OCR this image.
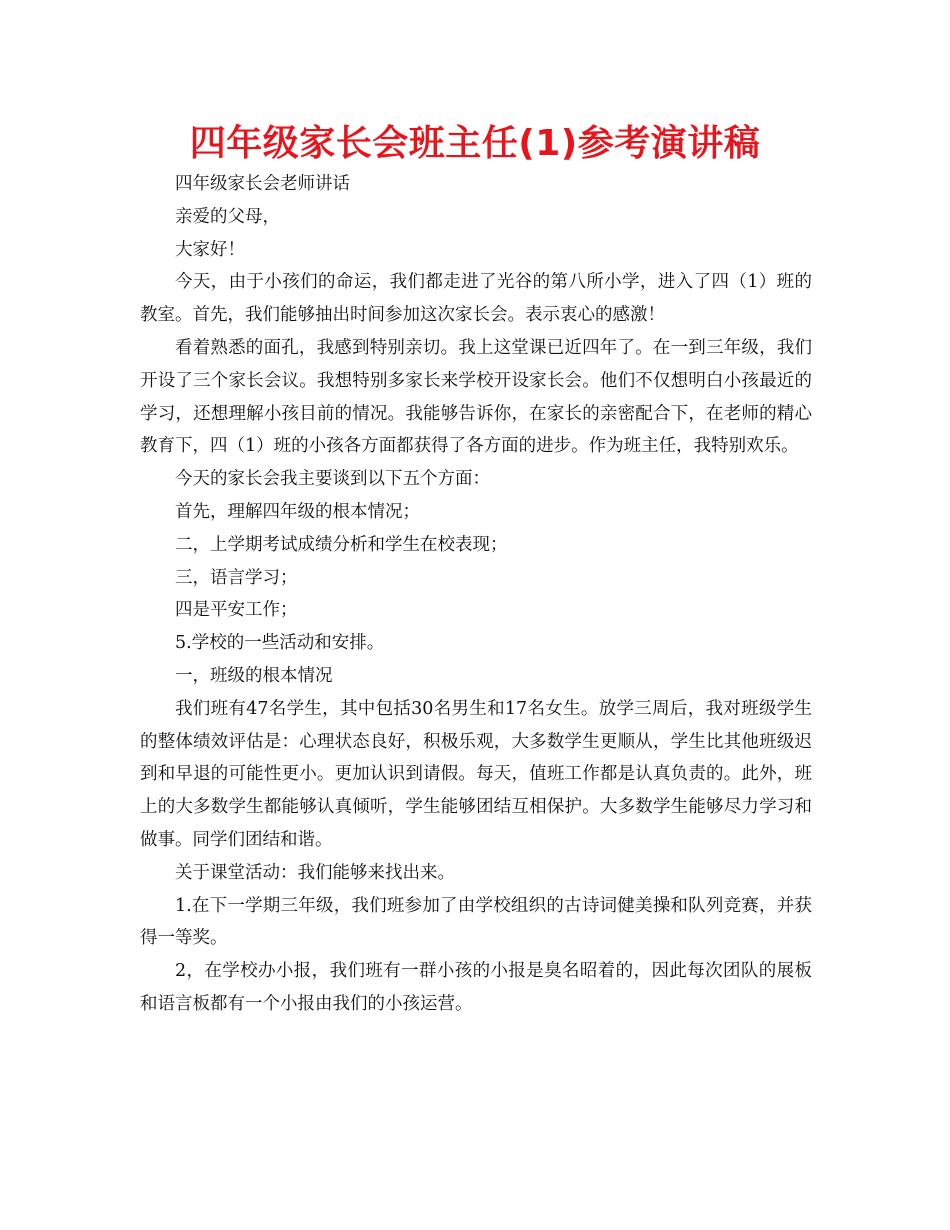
四年级家长会班主任(1)参考演讲稿

四年级家长会老师讲话

亲爱的父母，

大家好！

今天，由于小孩们的命运，我们都走进了光谷的第八所小学，进入了四（1）班的教室。首先，我们能够抽出时间参加这次家长会。表示衷心的感激！

看着熟悉的面孔，我感到特别亲切。我上这堂课已近四年了。在一到三年级，我们开设了三个家长会议。我想特别多家长来学校开设家长会。他们不仅想明白小孩最近的学习，还想理解小孩目前的情况。我能够告诉你，在家长的亲密配合下，在老师的精心教育下，四（1）班的小孩各方面都获得了各方面的进步。作为班主任，我特别欢乐。

今天的家长会我主要谈到以下五个方面：

首先，理解四年级的根本情况；

二，上学期考试成绩分析和学生在校表现；

三，语言学习；

四是平安工作；

5.学校的一些活动和安排。

一，班级的根本情况

我们班有47名学生，其中包括30名男生和17名女生。放学三周后，我对班级学生的整体绩效评估是：心理状态良好，积极乐观，大多数学生更顺从，学生比其他班级迟到和早退的可能性更小。更加认识到请假。每天，值班工作都是认真负责的。此外，班上的大多数学生都能够认真倾听，学生能够团结互相保护。大多数学生能够尽力学习和做事。同学们团结和谐。

关于课堂活动：我们能够来找出来。

1.在下一学期三年级，我们班参加了由学校组织的古诗词健美操和队列竞赛，并获得一等奖。

2，在学校办小报，我们班有一群小孩的小报是臭名昭着的，因此每次团队的展板和语言板都有一个小报由我们的小孩运营。
